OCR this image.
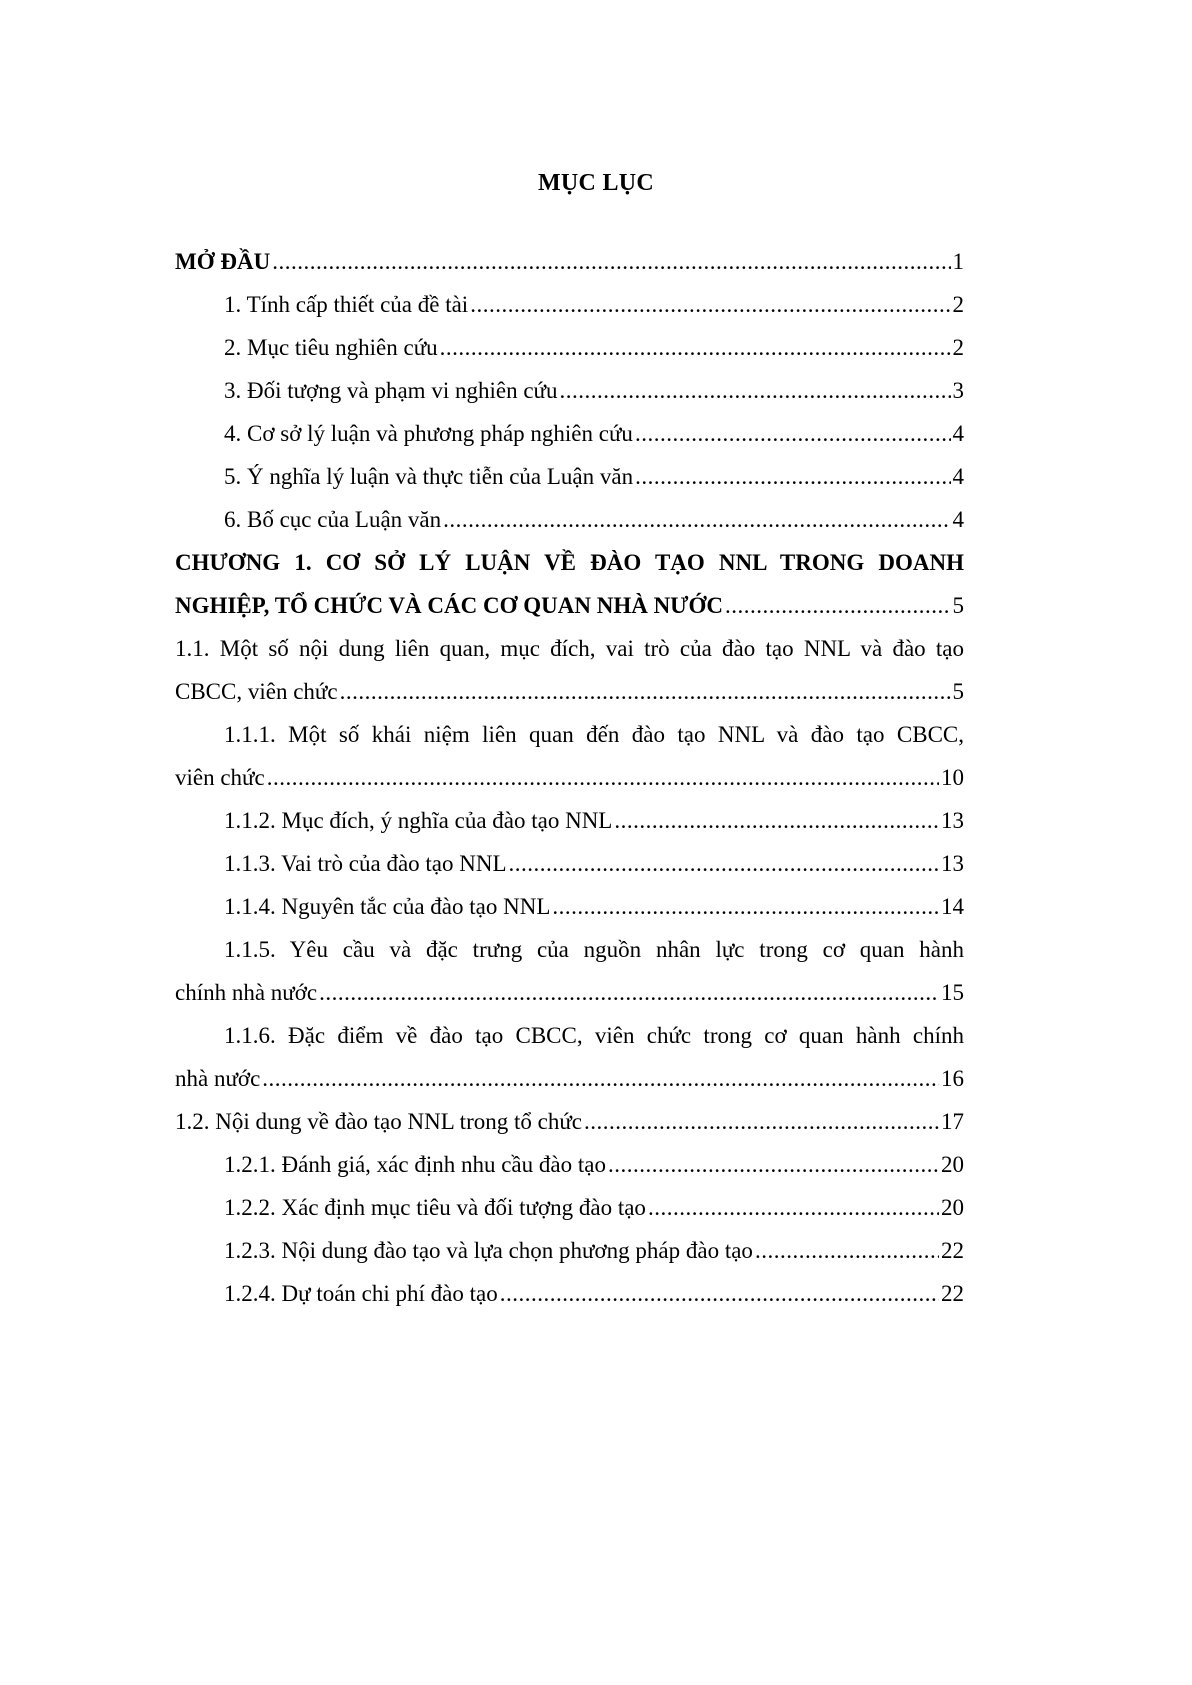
MỤC LỤC
MỞ ĐẦU .....	1
1. Tính cấp thiết của đề tài .....	2
2. Mục tiêu nghiên cứu .....	2
3. Đối tượng và phạm vi nghiên cứu .....	3
4. Cơ sở lý luận và phương pháp nghiên cứu .....	4
5. Ý nghĩa lý luận và thực tiễn của Luận văn .....	4
6. Bố cục của Luận văn .....	4
CHƯƠNG 1. CƠ SỞ LÝ LUẬN VỀ ĐÀO TẠO NNL TRONG DOANH
NGHIỆP, TỔ CHỨC VÀ CÁC CƠ QUAN NHÀ NƯỚC .....	5
1.1. Một số nội dung liên quan, mục đích, vai trò của đào tạo NNL và đào tạo
CBCC, viên chức .....	5
1.1.1. Một số khái niệm liên quan đến đào tạo NNL và đào tạo CBCC,
viên chức .....	10
1.1.2. Mục đích, ý nghĩa của đào tạo NNL .....	13
1.1.3. Vai trò của đào tạo NNL .....	13
1.1.4. Nguyên tắc của đào tạo NNL .....	14
1.1.5. Yêu cầu và đặc trưng của nguồn nhân lực trong cơ quan hành
chính nhà nước .....	15
1.1.6. Đặc điểm về đào tạo CBCC, viên chức trong cơ quan hành chính
nhà nước .....	16
1.2. Nội dung về đào tạo NNL trong tổ chức .....	17
1.2.1. Đánh giá, xác định nhu cầu đào tạo .....	20
1.2.2. Xác định mục tiêu và đối tượng đào tạo .....	20
1.2.3. Nội dung đào tạo và lựa chọn phương pháp đào tạo .....	22
1.2.4. Dự toán chi phí đào tạo .....	22
